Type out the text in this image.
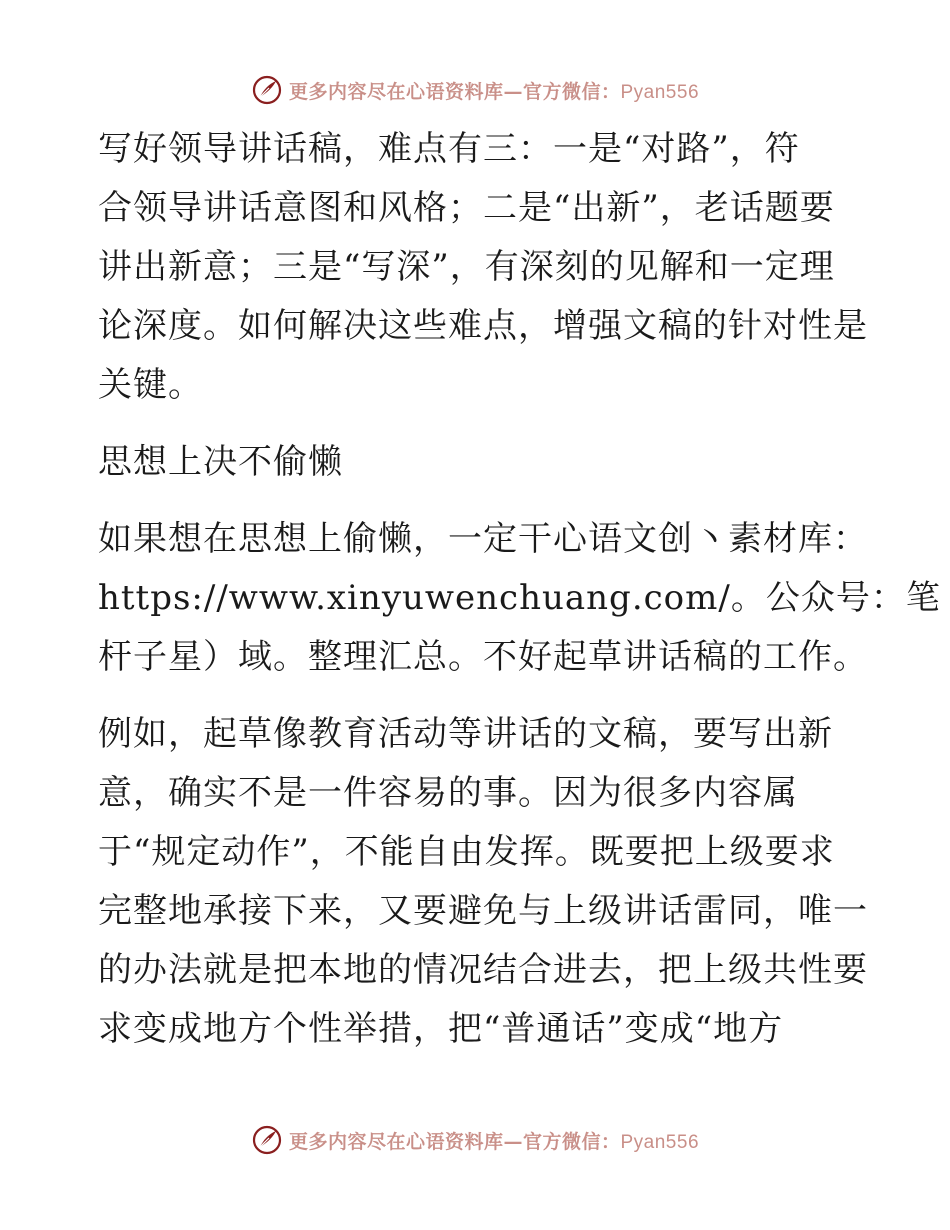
更多内容尽在心语资料库—官方微信：Pyan556
写好领导讲话稿，难点有三：一是“对路”，符
合领导讲话意图和风格；二是“出新”，老话题要
讲出新意；三是“写深”，有深刻的见解和一定理
论深度。如何解决这些难点，增强文稿的针对性是
关键。
思想上决不偷懒
如果想在思想上偷懒，一定干心语文创丶素材库：
https://www.xinyuwenchuang.com/。公众号：笔
杆子星）域。整理汇总。不好起草讲话稿的工作。
例如，起草像教育活动等讲话的文稿，要写出新
意，确实不是一件容易的事。因为很多内容属
于“规定动作”，不能自由发挥。既要把上级要求
完整地承接下来，又要避免与上级讲话雷同，唯一
的办法就是把本地的情况结合进去，把上级共性要
求变成地方个性举措，把“普通话”变成“地方
更多内容尽在心语资料库—官方微信：Pyan556
